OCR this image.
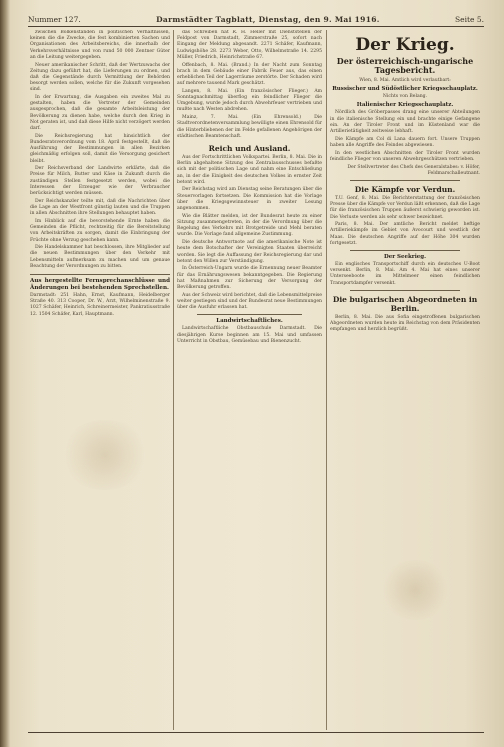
Nummer 127.	Darmstädter Tagblatt, Dienstag, den 9. Mai 1916.	Seite 5.

zwischen Bölkenständen in politischen Verhältnissen, keinen die die Zwecke, die fest kombinierten Sachen und Organisationen des Arbeitsbereichs, die innerhalb der Verkehrsverhältnisse und von rund 50 000 Zentner Güter an die Leitung weitergegeben.

Neuer amerikanischer Schritt, daß der Wertzuwachs der Zeitung dazu geführt hat, die Lieferungen zu ordnen, und daß die Gegenstände durch Vermittlung der Behörden besorgt werden sollen, welche für die Zukunft vorgesehen sind.

In der Erwartung, die Ausgaben ein zweites Mal zu gestalten, haben die Vertreter der Gemeinden ausgesprochen, daß die gesamte Arbeitsleistung der Bevölkerung zu dienen habe, welche durch den Krieg in Not geraten ist, und daß diese Hilfe nicht verzögert werden darf.

Die Reichsregierung hat hinsichtlich der Bundesratsverordnung vom 18. April festgestellt, daß die Ausführung der Bestimmungen in allen Bezirken gleichmäßig erfolgen soll, damit die Versorgung gesichert bleibt.

Der Reichsverband der Landwirte erklärte, daß die Preise für Milch, Butter und Käse in Zukunft durch die zuständigen Stellen festgesetzt werden, wobei die Interessen der Erzeuger wie der Verbraucher berücksichtigt werden müssen.

Der Reichskanzler teilte mit, daß die Nachrichten über die Lage an der Westfront günstig lauten und die Truppen in allen Abschnitten ihre Stellungen behauptet haben.

Im Hinblick auf die bevorstehende Ernte haben die Gemeinden die Pflicht, rechtzeitig für die Bereitstellung von Arbeitskräften zu sorgen, damit die Einbringung der Früchte ohne Verzug geschehen kann.

Die Handelskammer hat beschlossen, ihre Mitglieder auf die neuen Bestimmungen über den Verkehr mit Lebensmitteln aufmerksam zu machen und um genaue Beachtung der Verordnungen zu bitten.

Aus hergestellte Fernsprechanschlüsse und Änderungen bei bestehenden Sprechstellen.

Darmstadt: 251 Hahn, Ernst, Kaufmann, Heidelberger Straße 40. 313 Cooper, Dr. W., Arzt, Wilhelminenstraße 9. 1027 Schäfer, Heinrich, Schreinermeister, Pankratiusstraße 12. 1504 Schäfer, Karl, Hauptmann.

das Schreiben hat R. H. Heller mit Dienststellen der Feldpost von Darmstadt, Zimmerstraße 25, sofort nach Eingang der Meldung abgesandt. 2271 Schäfer, Kaufmann, Ludwigshöhe 28. 2273 Weber, Otto, Wilhelmstraße 14. 2295 Müller, Friedrich, Heinrichstraße 67.

Offenbach, 8. Mai. (Brand.) In der Nacht zum Sonntag brach in dem Gebäude einer Fabrik Feuer aus, das einen erheblichen Teil der Lagerräume zerstörte. Der Schaden wird auf mehrere tausend Mark geschätzt.

Langen, 8. Mai. (Ein französischer Flieger.) Am Sonntagnachmittag überflog ein feindlicher Flieger die Umgebung, wurde jedoch durch Abwehrfeuer vertrieben und mußte nach Westen abdrehen.

Mainz, 7. Mai. (Ein Ehrensold.) Die Stadtverordnetenversammlung bewilligte einen Ehrensold für die Hinterbliebenen der im Felde gefallenen Angehörigen der städtischen Beamtenschaft.

Reich und Ausland.

Aus der Fortschrittlichen Volkspartei. Berlin, 8. Mai. Die in Berlin abgehaltene Sitzung des Zentralausschusses befaßte sich mit der politischen Lage und nahm eine Entschließung an, in der die Einigkeit des deutschen Volkes in ernster Zeit betont wird.

Der Reichstag wird am Dienstag seine Beratungen über die Steuervorlagen fortsetzen. Die Kommission hat die Vorlage über die Kriegsgewinnsteuer in zweiter Lesung angenommen.

Wie die Blätter melden, ist der Bundesrat heute zu einer Sitzung zusammengetreten, in der die Verordnung über die Regelung des Verkehrs mit Brotgetreide und Mehl beraten wurde. Die Vorlage fand allgemeine Zustimmung.

Die deutsche Antwortnote auf die amerikanische Note ist heute dem Botschafter der Vereinigten Staaten überreicht worden. Sie legt die Auffassung der Reichsregierung dar und betont den Willen zur Verständigung.

In Österreich-Ungarn wurde die Ernennung neuer Beamter für das Ernährungswesen bekanntgegeben. Die Regierung hat Maßnahmen zur Sicherung der Versorgung der Bevölkerung getroffen.

Aus der Schweiz wird berichtet, daß die Lebensmittelpreise weiter gestiegen sind und der Bundesrat neue Bestimmungen über die Ausfuhr erlassen hat.

Landwirtschaftliches.

Landwirtschaftliche Obstbauschule Darmstadt. Die diesjährigen Kurse beginnen am 15. Mai und umfassen Unterricht in Obstbau, Gemüsebau und Bienenzucht.

Der Krieg.
Der österreichisch-ungarische Tagesbericht.

Wien, 8. Mai. Amtlich wird verlautbart:

Russischer und Südöstlicher Kriegsschauplatz.

Nichts von Belang.

Italienischer Kriegsschauplatz.

Nördlich des Gröberpasses drang eine unserer Abteilungen in die italienische Stellung ein und brachte einige Gefangene ein. An der Tiroler Front und im Küstenland war die Artillerietätigkeit zeitweise lebhaft.

Die Kämpfe am Col di Lana dauern fort. Unsere Truppen haben alle Angriffe des Feindes abgewiesen.

In den westlichen Abschnitten der Tiroler Front wurden feindliche Flieger von unseren Abwehrgeschützen vertrieben.

Der Stellvertreter des Chefs des Generalstabes: v. Höfer, Feldmarschalleutnant.

Die Kämpfe vor Verdun.

T.U. Genf, 8. Mai. Die Berichterstattung der französischen Presse über die Kämpfe vor Verdun läßt erkennen, daß die Lage für die französischen Truppen äußerst schwierig geworden ist. Die Verluste werden als sehr schwer bezeichnet.

Paris, 8. Mai. Der amtliche Bericht meldet heftige Artilleriekämpfe im Gebiet von Avocourt und westlich der Maas. Die deutschen Angriffe auf der Höhe 304 wurden fortgesetzt.

Der Seekrieg.

Ein englisches Transportschiff durch ein deutsches U-Boot versenkt. Berlin, 8. Mai. Am 4. Mai hat eines unserer Unterseeboote im Mittelmeer einen feindlichen Transportdampfer versenkt.

Die bulgarischen Abgeordneten in Berlin.

Berlin, 8. Mai. Die aus Sofia eingetroffenen bulgarischen Abgeordneten wurden heute im Reichstag von dem Präsidenten empfangen und herzlich begrüßt.
